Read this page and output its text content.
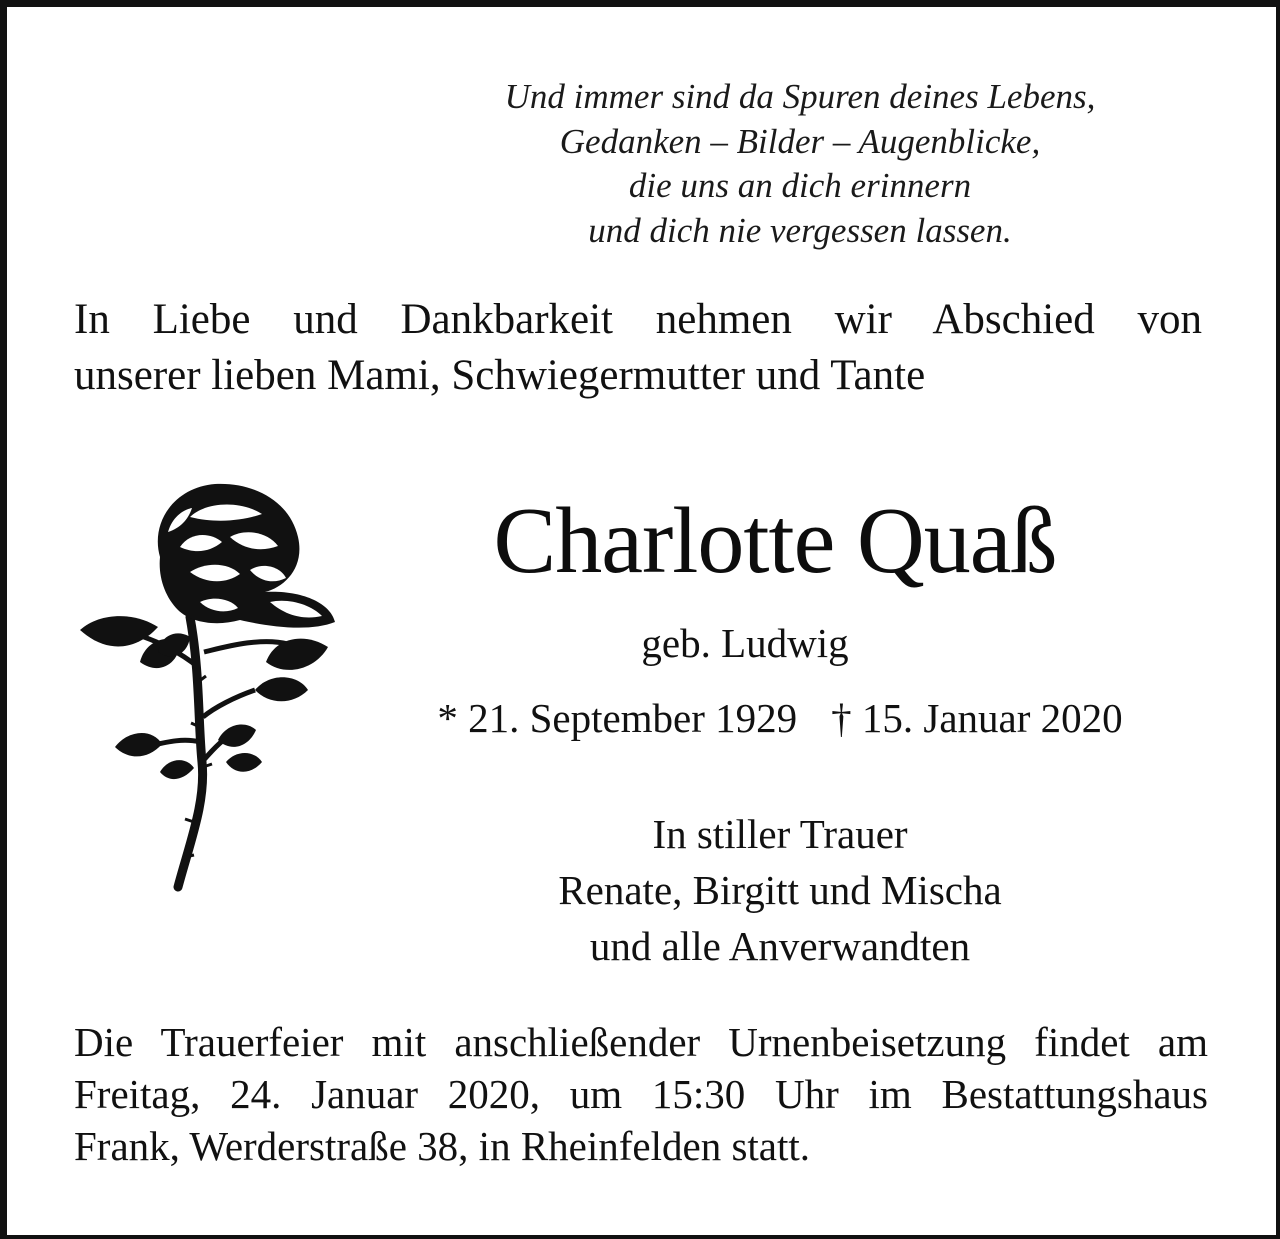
Und immer sind da Spuren deines Lebens,
Gedanken – Bilder – Augenblicke,
die uns an dich erinnern
und dich nie vergessen lassen.
In Liebe und Dankbarkeit nehmen wir Abschied von
unserer lieben Mami, Schwiegermutter und Tante
Charlotte Quaß
geb. Ludwig
* 21. September 1929 † 15. Januar 2020
In stiller Trauer
Renate, Birgitt und Mischa
und alle Anverwandten
Die Trauerfeier mit anschließender Urnenbeisetzung findet am
Freitag, 24. Januar 2020, um 15:30 Uhr im Bestattungshaus
Frank, Werderstraße 38, in Rheinfelden statt.
